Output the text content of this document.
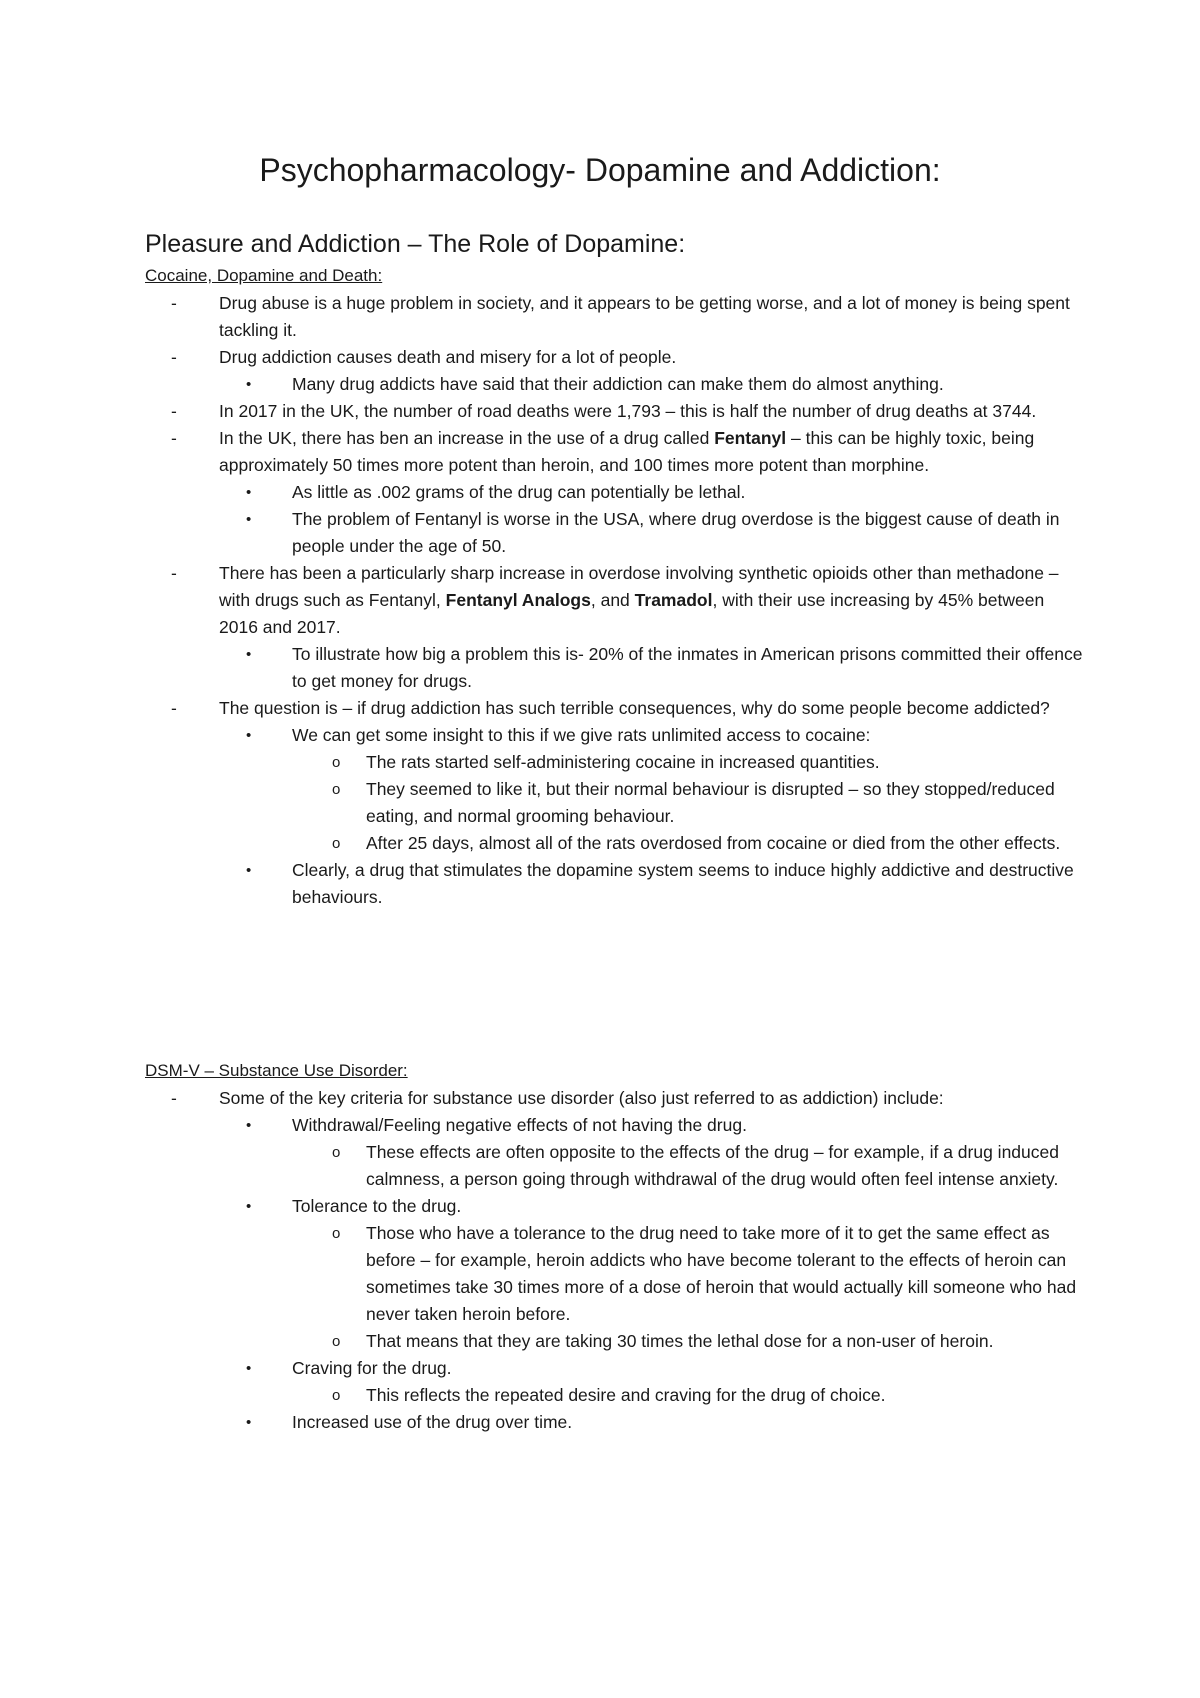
Psychopharmacology- Dopamine and Addiction:
Pleasure and Addiction – The Role of Dopamine:
Cocaine, Dopamine and Death:
- Drug abuse is a huge problem in society, and it appears to be getting worse, and a lot of money is being spent tackling it.
- Drug addiction causes death and misery for a lot of people.
• Many drug addicts have said that their addiction can make them do almost anything.
- In 2017 in the UK, the number of road deaths were 1,793 – this is half the number of drug deaths at 3744.
- In the UK, there has ben an increase in the use of a drug called Fentanyl – this can be highly toxic, being approximately 50 times more potent than heroin, and 100 times more potent than morphine.
• As little as .002 grams of the drug can potentially be lethal.
• The problem of Fentanyl is worse in the USA, where drug overdose is the biggest cause of death in people under the age of 50.
- There has been a particularly sharp increase in overdose involving synthetic opioids other than methadone – with drugs such as Fentanyl, Fentanyl Analogs, and Tramadol, with their use increasing by 45% between 2016 and 2017.
• To illustrate how big a problem this is- 20% of the inmates in American prisons committed their offence to get money for drugs.
- The question is – if drug addiction has such terrible consequences, why do some people become addicted?
• We can get some insight to this if we give rats unlimited access to cocaine:
o The rats started self-administering cocaine in increased quantities.
o They seemed to like it, but their normal behaviour is disrupted – so they stopped/reduced eating, and normal grooming behaviour.
o After 25 days, almost all of the rats overdosed from cocaine or died from the other effects.
• Clearly, a drug that stimulates the dopamine system seems to induce highly addictive and destructive behaviours.
DSM-V – Substance Use Disorder:
- Some of the key criteria for substance use disorder (also just referred to as addiction) include:
• Withdrawal/Feeling negative effects of not having the drug.
o These effects are often opposite to the effects of the drug – for example, if a drug induced calmness, a person going through withdrawal of the drug would often feel intense anxiety.
• Tolerance to the drug.
o Those who have a tolerance to the drug need to take more of it to get the same effect as before – for example, heroin addicts who have become tolerant to the effects of heroin can sometimes take 30 times more of a dose of heroin that would actually kill someone who had never taken heroin before.
o That means that they are taking 30 times the lethal dose for a non-user of heroin.
• Craving for the drug.
o This reflects the repeated desire and craving for the drug of choice.
• Increased use of the drug over time.
